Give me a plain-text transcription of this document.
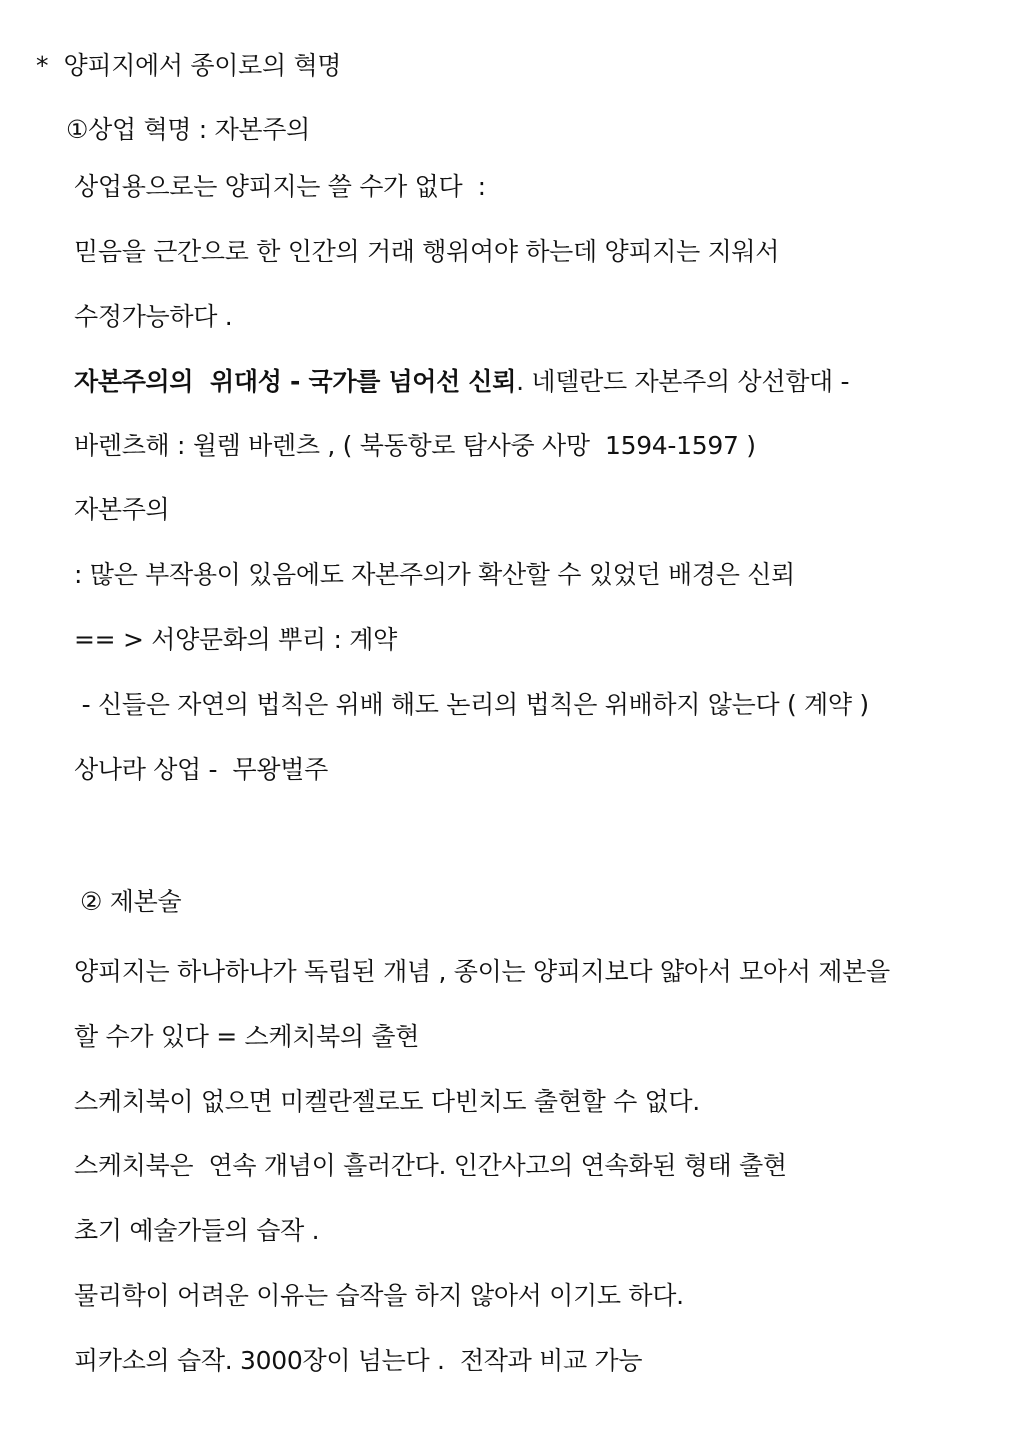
*  양피지에서 종이로의 혁명
①상업 혁명 : 자본주의
상업용으로는 양피지는 쓸 수가 없다  :
믿음을 근간으로 한 인간의 거래 행위여야 하는데 양피지는 지워서
수정가능하다 .
자본주의의  위대성 - 국가를 넘어선 신뢰. 네델란드 자본주의 상선함대 -
바렌츠해 : 윌렘 바렌츠 , ( 북동항로 탐사중 사망  1594-1597 )
자본주의
: 많은 부작용이 있음에도 자본주의가 확산할 수 있었던 배경은 신뢰
== > 서양문화의 뿌리 : 계약
- 신들은 자연의 법칙은 위배 해도 논리의 법칙은 위배하지 않는다 ( 계약 )
상나라 상업 -  무왕벌주
② 제본술
양피지는 하나하나가 독립된 개념 , 종이는 양피지보다 얇아서 모아서 제본을
할 수가 있다 = 스케치북의 출현
스케치북이 없으면 미켈란젤로도 다빈치도 출현할 수 없다.
스케치북은  연속 개념이 흘러간다. 인간사고의 연속화된 형태 출현
초기 예술가들의 습작 .
물리학이 어려운 이유는 습작을 하지 않아서 이기도 하다.
피카소의 습작. 3000장이 넘는다 .  전작과 비교 가능
